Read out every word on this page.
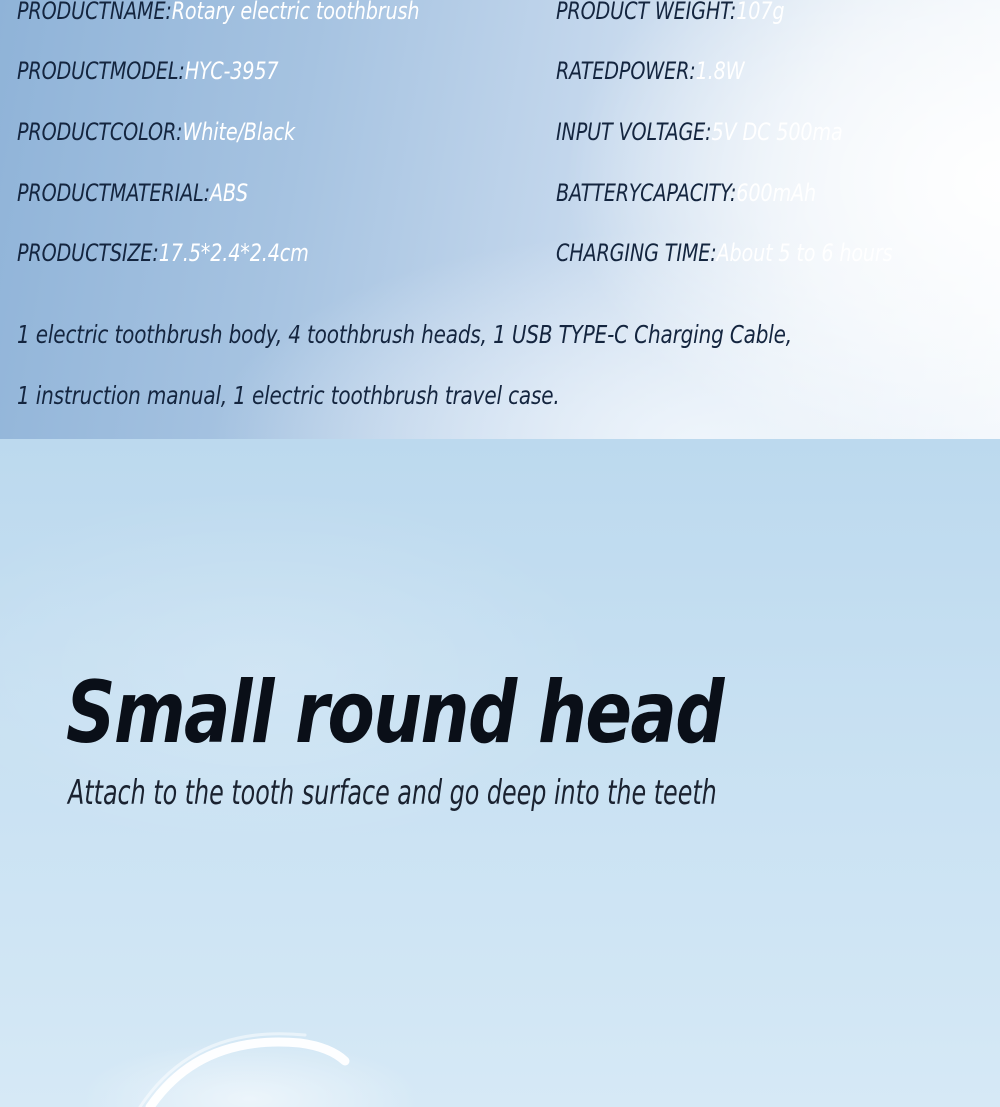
PRODUCTNAME:Rotary electric toothbrush
PRODUCTMODEL:HYC-3957
PRODUCTCOLOR:White/Black
PRODUCTMATERIAL:ABS
PRODUCTSIZE:17.5*2.4*2.4cm
PRODUCT WEIGHT:107g
RATEDPOWER:1.8W
INPUT VOLTAGE:5V DC 500ma
BATTERYCAPACITY:600mAh
CHARGING TIME:About 5 to 6 hours
1 electric toothbrush body, 4 toothbrush heads, 1 USB TYPE-C Charging Cable,
1 instruction manual, 1 electric toothbrush travel case.
Small round head
Attach to the tooth surface and go deep into the teeth
